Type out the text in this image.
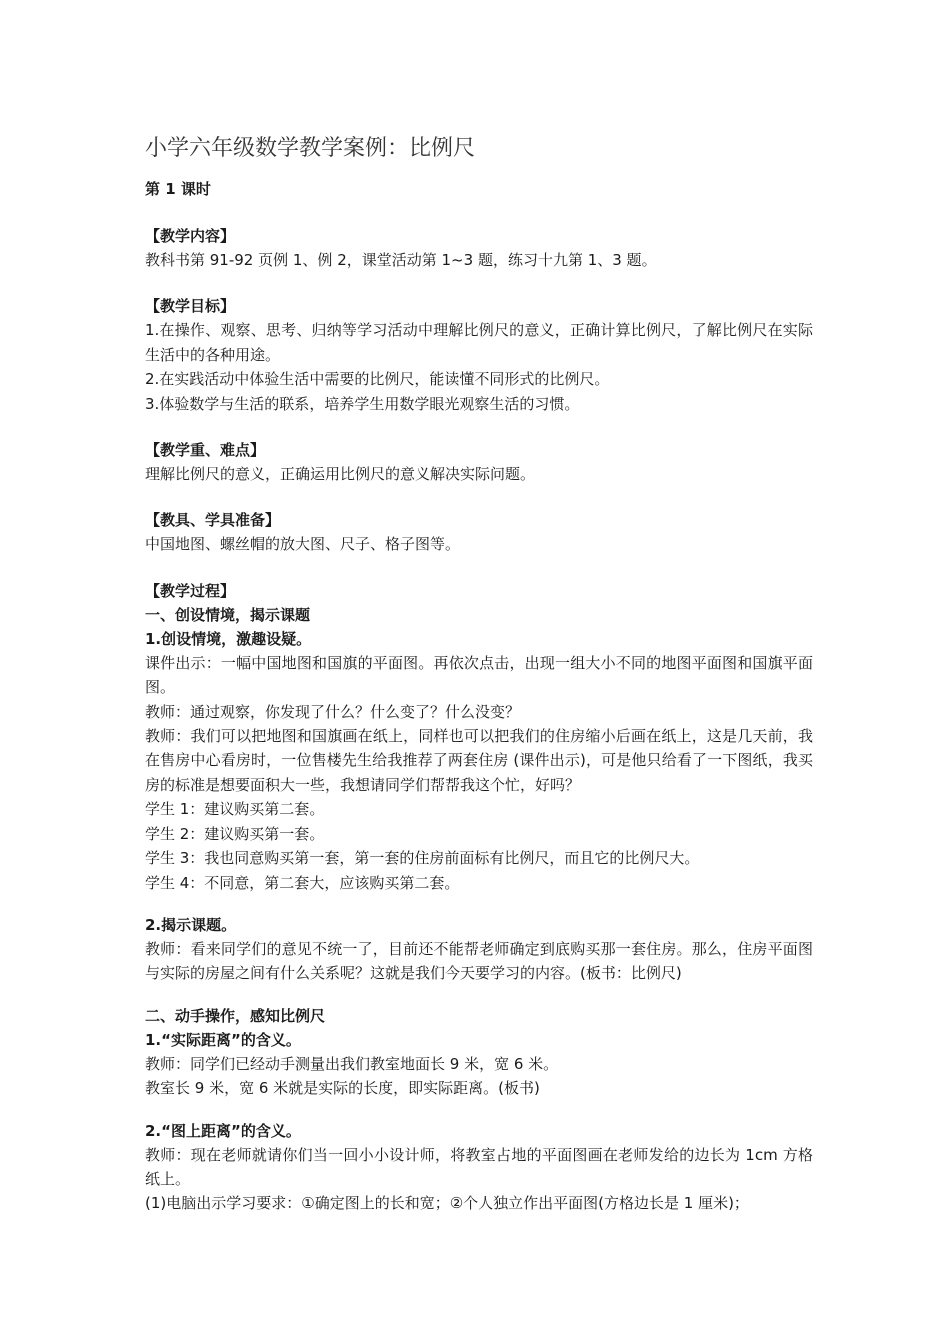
小学六年级数学教学案例：比例尺
第 1 课时
【教学内容】

教科书第 91-92 页例 1、例 2，课堂活动第 1~3 题，练习十九第 1、3 题。

【教学目标】

1.在操作、观察、思考、归纳等学习活动中理解比例尺的意义，正确计算比例尺，了解比例尺在实际生活中的各种用途。

2.在实践活动中体验生活中需要的比例尺，能读懂不同形式的比例尺。

3.体验数学与生活的联系，培养学生用数学眼光观察生活的习惯。

【教学重、难点】

理解比例尺的意义，正确运用比例尺的意义解决实际问题。

【教具、学具准备】

中国地图、螺丝帽的放大图、尺子、格子图等。

【教学过程】
一、创设情境，揭示课题
1.创设情境，激趣设疑。

课件出示：一幅中国地图和国旗的平面图。再依次点击，出现一组大小不同的地图平面图和国旗平面图。

教师：通过观察，你发现了什么？什么变了？什么没变？

教师：我们可以把地图和国旗画在纸上，同样也可以把我们的住房缩小后画在纸上，这是几天前，我在售房中心看房时，一位售楼先生给我推荐了两套住房 (课件出示)，可是他只给看了一下图纸，我买房的标准是想要面积大一些，我想请同学们帮帮我这个忙，好吗？

学生 1：建议购买第二套。

学生 2：建议购买第一套。

学生 3：我也同意购买第一套，第一套的住房前面标有比例尺，而且它的比例尺大。

学生 4：不同意，第二套大，应该购买第二套。

2.揭示课题。

教师：看来同学们的意见不统一了，目前还不能帮老师确定到底购买那一套住房。那么，住房平面图与实际的房屋之间有什么关系呢？这就是我们今天要学习的内容。(板书：比例尺)

二、动手操作，感知比例尺
1.“实际距离”的含义。

教师：同学们已经动手测量出我们教室地面长 9 米，宽 6 米。

教室长 9 米，宽 6 米就是实际的长度，即实际距离。(板书)

2.“图上距离”的含义。

教师：现在老师就请你们当一回小小设计师，将教室占地的平面图画在老师发给的边长为 1cm 方格纸上。

(1)电脑出示学习要求：①确定图上的长和宽；②个人独立作出平面图(方格边长是 1 厘米)；
